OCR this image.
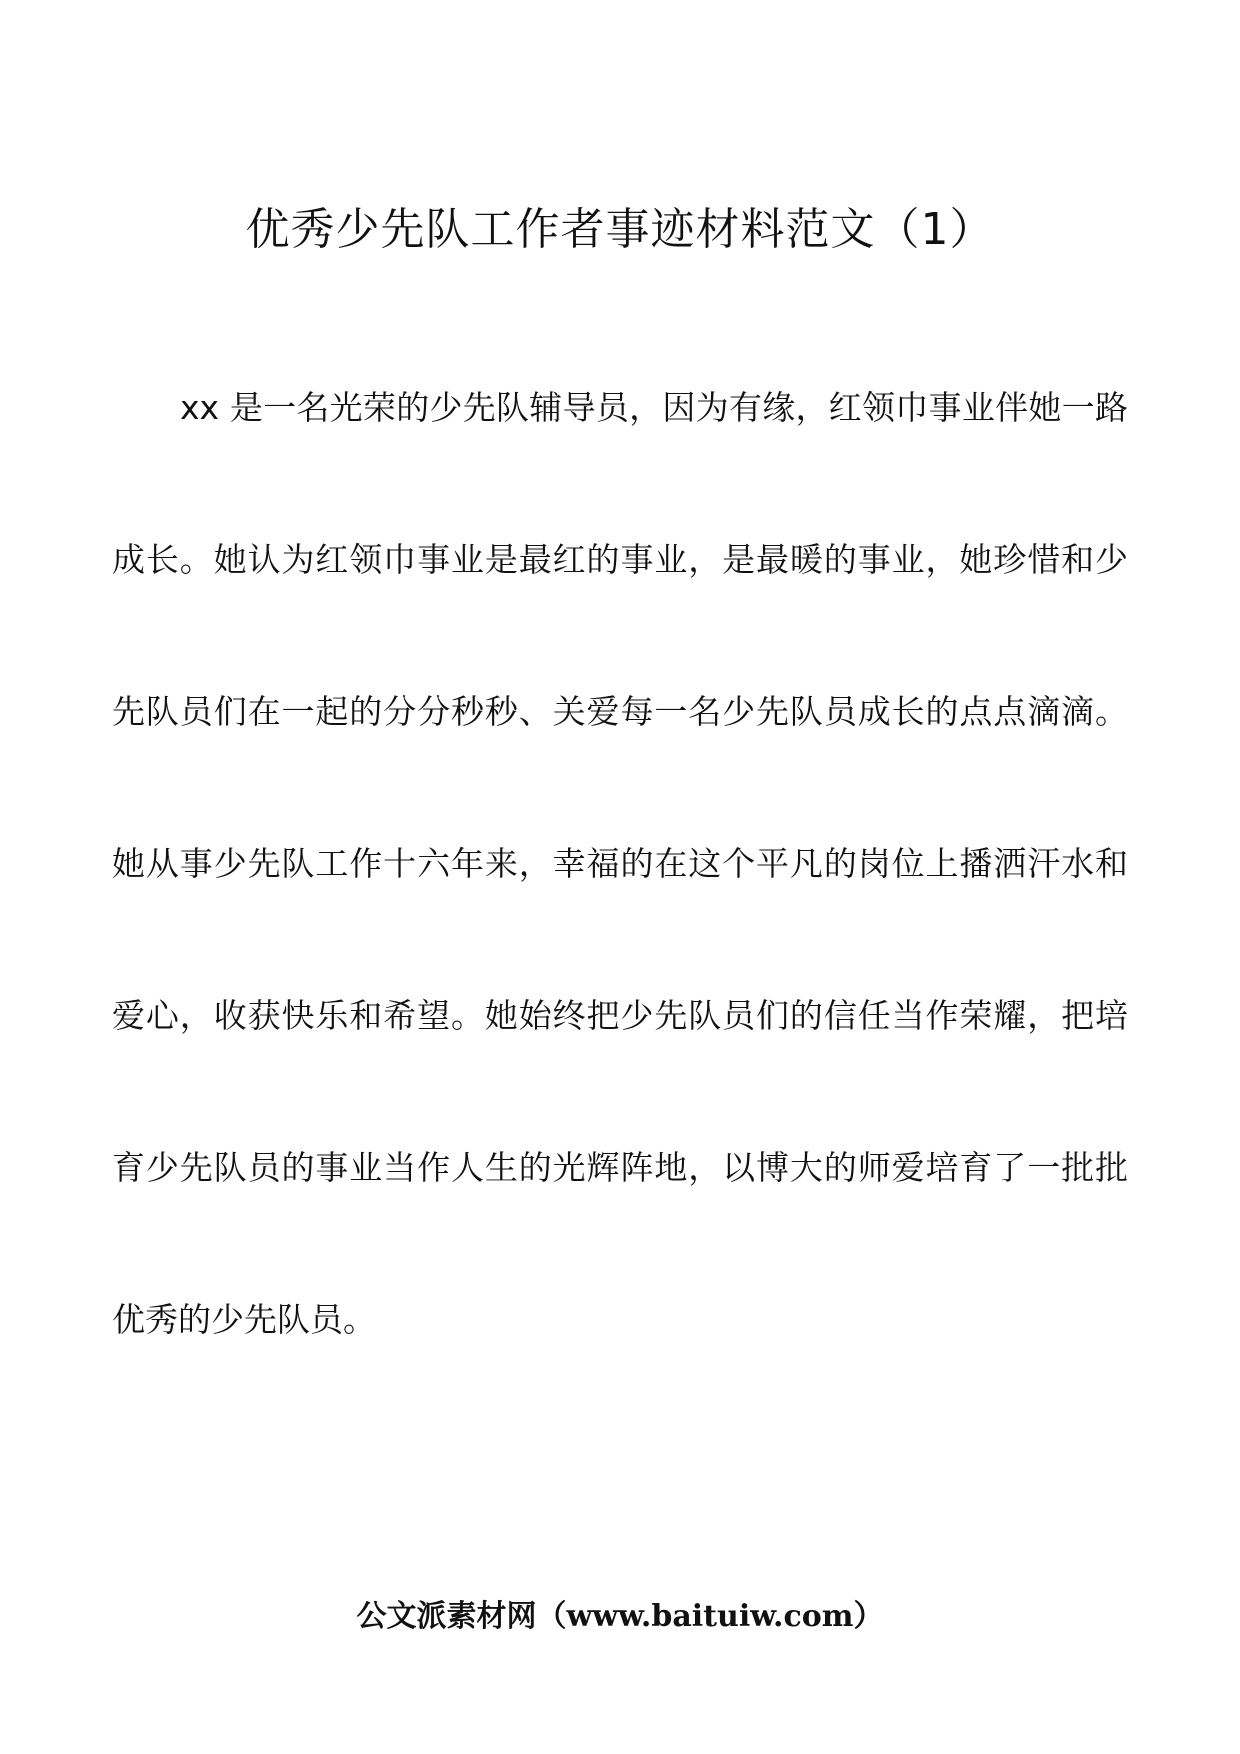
优秀少先队工作者事迹材料范文（1）
xx 是一名光荣的少先队辅导员，因为有缘，红领巾事业伴她一路
成长。她认为红领巾事业是最红的事业，是最暖的事业，她珍惜和少
先队员们在一起的分分秒秒、关爱每一名少先队员成长的点点滴滴。
她从事少先队工作十六年来，幸福的在这个平凡的岗位上播洒汗水和
爱心，收获快乐和希望。她始终把少先队员们的信任当作荣耀，把培
育少先队员的事业当作人生的光辉阵地，以博大的师爱培育了一批批
优秀的少先队员。
公文派素材网（www.baituiw.com）
